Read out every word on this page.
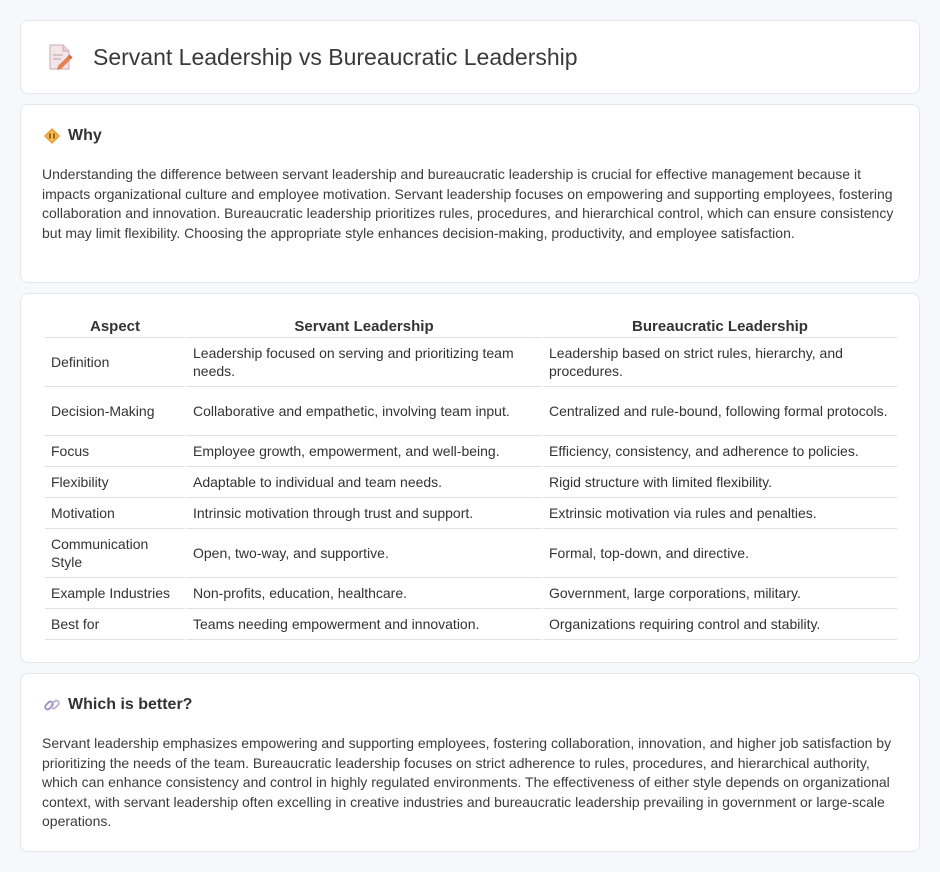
Servant Leadership vs Bureaucratic Leadership
Why

Understanding the difference between servant leadership and bureaucratic leadership is crucial for effective management because it impacts organizational culture and employee motivation. Servant leadership focuses on empowering and supporting employees, fostering collaboration and innovation. Bureaucratic leadership prioritizes rules, procedures, and hierarchical control, which can ensure consistency but may limit flexibility. Choosing the appropriate style enhances decision-making, productivity, and employee satisfaction.

Aspect	Servant Leadership	Bureaucratic Leadership
Definition	Leadership focused on serving and prioritizing team needs.	Leadership based on strict rules, hierarchy, and procedures.
Decision-Making	Collaborative and empathetic, involving team input.	Centralized and rule-bound, following formal protocols.
Focus	Employee growth, empowerment, and well-being.	Efficiency, consistency, and adherence to policies.
Flexibility	Adaptable to individual and team needs.	Rigid structure with limited flexibility.
Motivation	Intrinsic motivation through trust and support.	Extrinsic motivation via rules and penalties.
Communication Style	Open, two-way, and supportive.	Formal, top-down, and directive.
Example Industries	Non-profits, education, healthcare.	Government, large corporations, military.
Best for	Teams needing empowerment and innovation.	Organizations requiring control and stability.
Which is better?

Servant leadership emphasizes empowering and supporting employees, fostering collaboration, innovation, and higher job satisfaction by prioritizing the needs of the team. Bureaucratic leadership focuses on strict adherence to rules, procedures, and hierarchical authority, which can enhance consistency and control in highly regulated environments. The effectiveness of either style depends on organizational context, with servant leadership often excelling in creative industries and bureaucratic leadership prevailing in government or large-scale operations.
